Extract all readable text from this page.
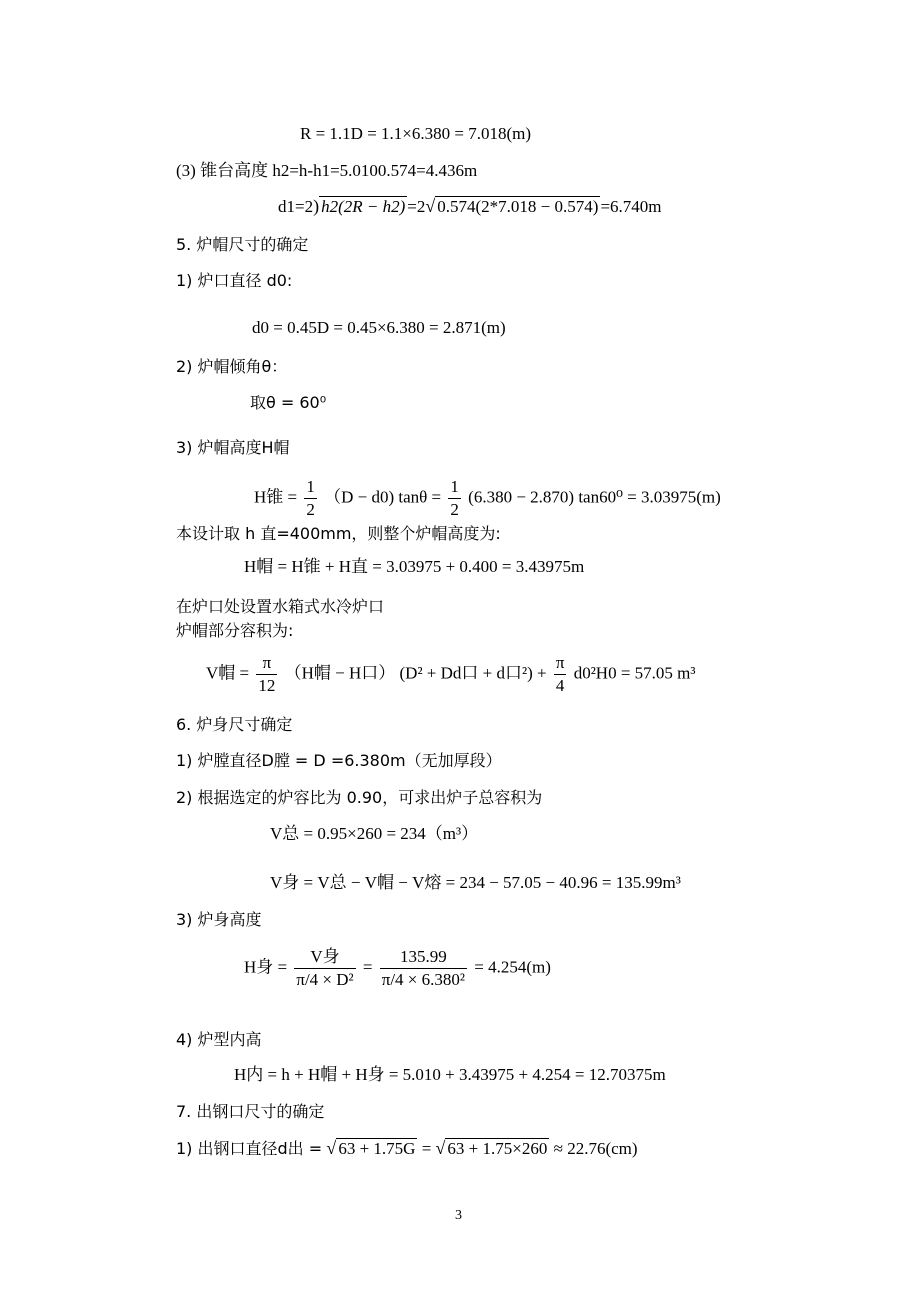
R = 1.1D = 1.1×6.380 = 7.018(m)
(3) 锥台高度 h2=h-h1=5.0100.574=4.436m
d1=2) h2(2R − h2) =2√ 0.574(2*7.018 − 0.574) =6.740m
5. 炉帽尺寸的确定
1) 炉口直径 d0:
d0 = 0.45D = 0.45×6.380 = 2.871(m)
2) 炉帽倾角θ：
取θ = 60⁰
3) 炉帽高度H帽
H锥 = $\frac{1}{2} (D - d0)$ $\tan\theta = \frac{1}{2} (6.380 - 2.870) \tan 60^0 = 3.03975(m)$
本设计取 h 直=400mm，则整个炉帽高度为:
H帽 = H锥 + H直 = 3.03975 + 0.400 = 3.43975m
在炉口处设置水箱式水冷炉口
炉帽部分容积为:
V帽 = $\frac{\pi}{12} (H$帽 − H口） (D² + Dd口 + d口$^2) + \frac{\pi}{4} d0^2H0 = 57.05$ m³
6. 炉身尺寸确定
1) 炉膛直径D膛 = D =6.380m（无加厚段）
2) 根据选定的炉容比为 0.90，可求出炉子总容积为
V总 = 0.95×260 = 234（m³）
V身 = V总 − V帽 − V熔 = 234 − 57.05 − 40.96 = 135.99m³
3) 炉身高度
H身 = $\frac{\text{V身}}{\text{π/4 × D²}} = \frac{135.99}{\text{π/4 × 6.380²}} = 4.254(m)$
4) 炉型内高
H内 = h + H帽 + H身 = 5.010 + 3.43975 + 4.254 = 12.70375m
7. 出钢口尺寸的确定
1) 出钢口直径d出 = √ 63 + 1.75G = √ 63 + 1.75×260 ≈ 22.76(cm)
3
